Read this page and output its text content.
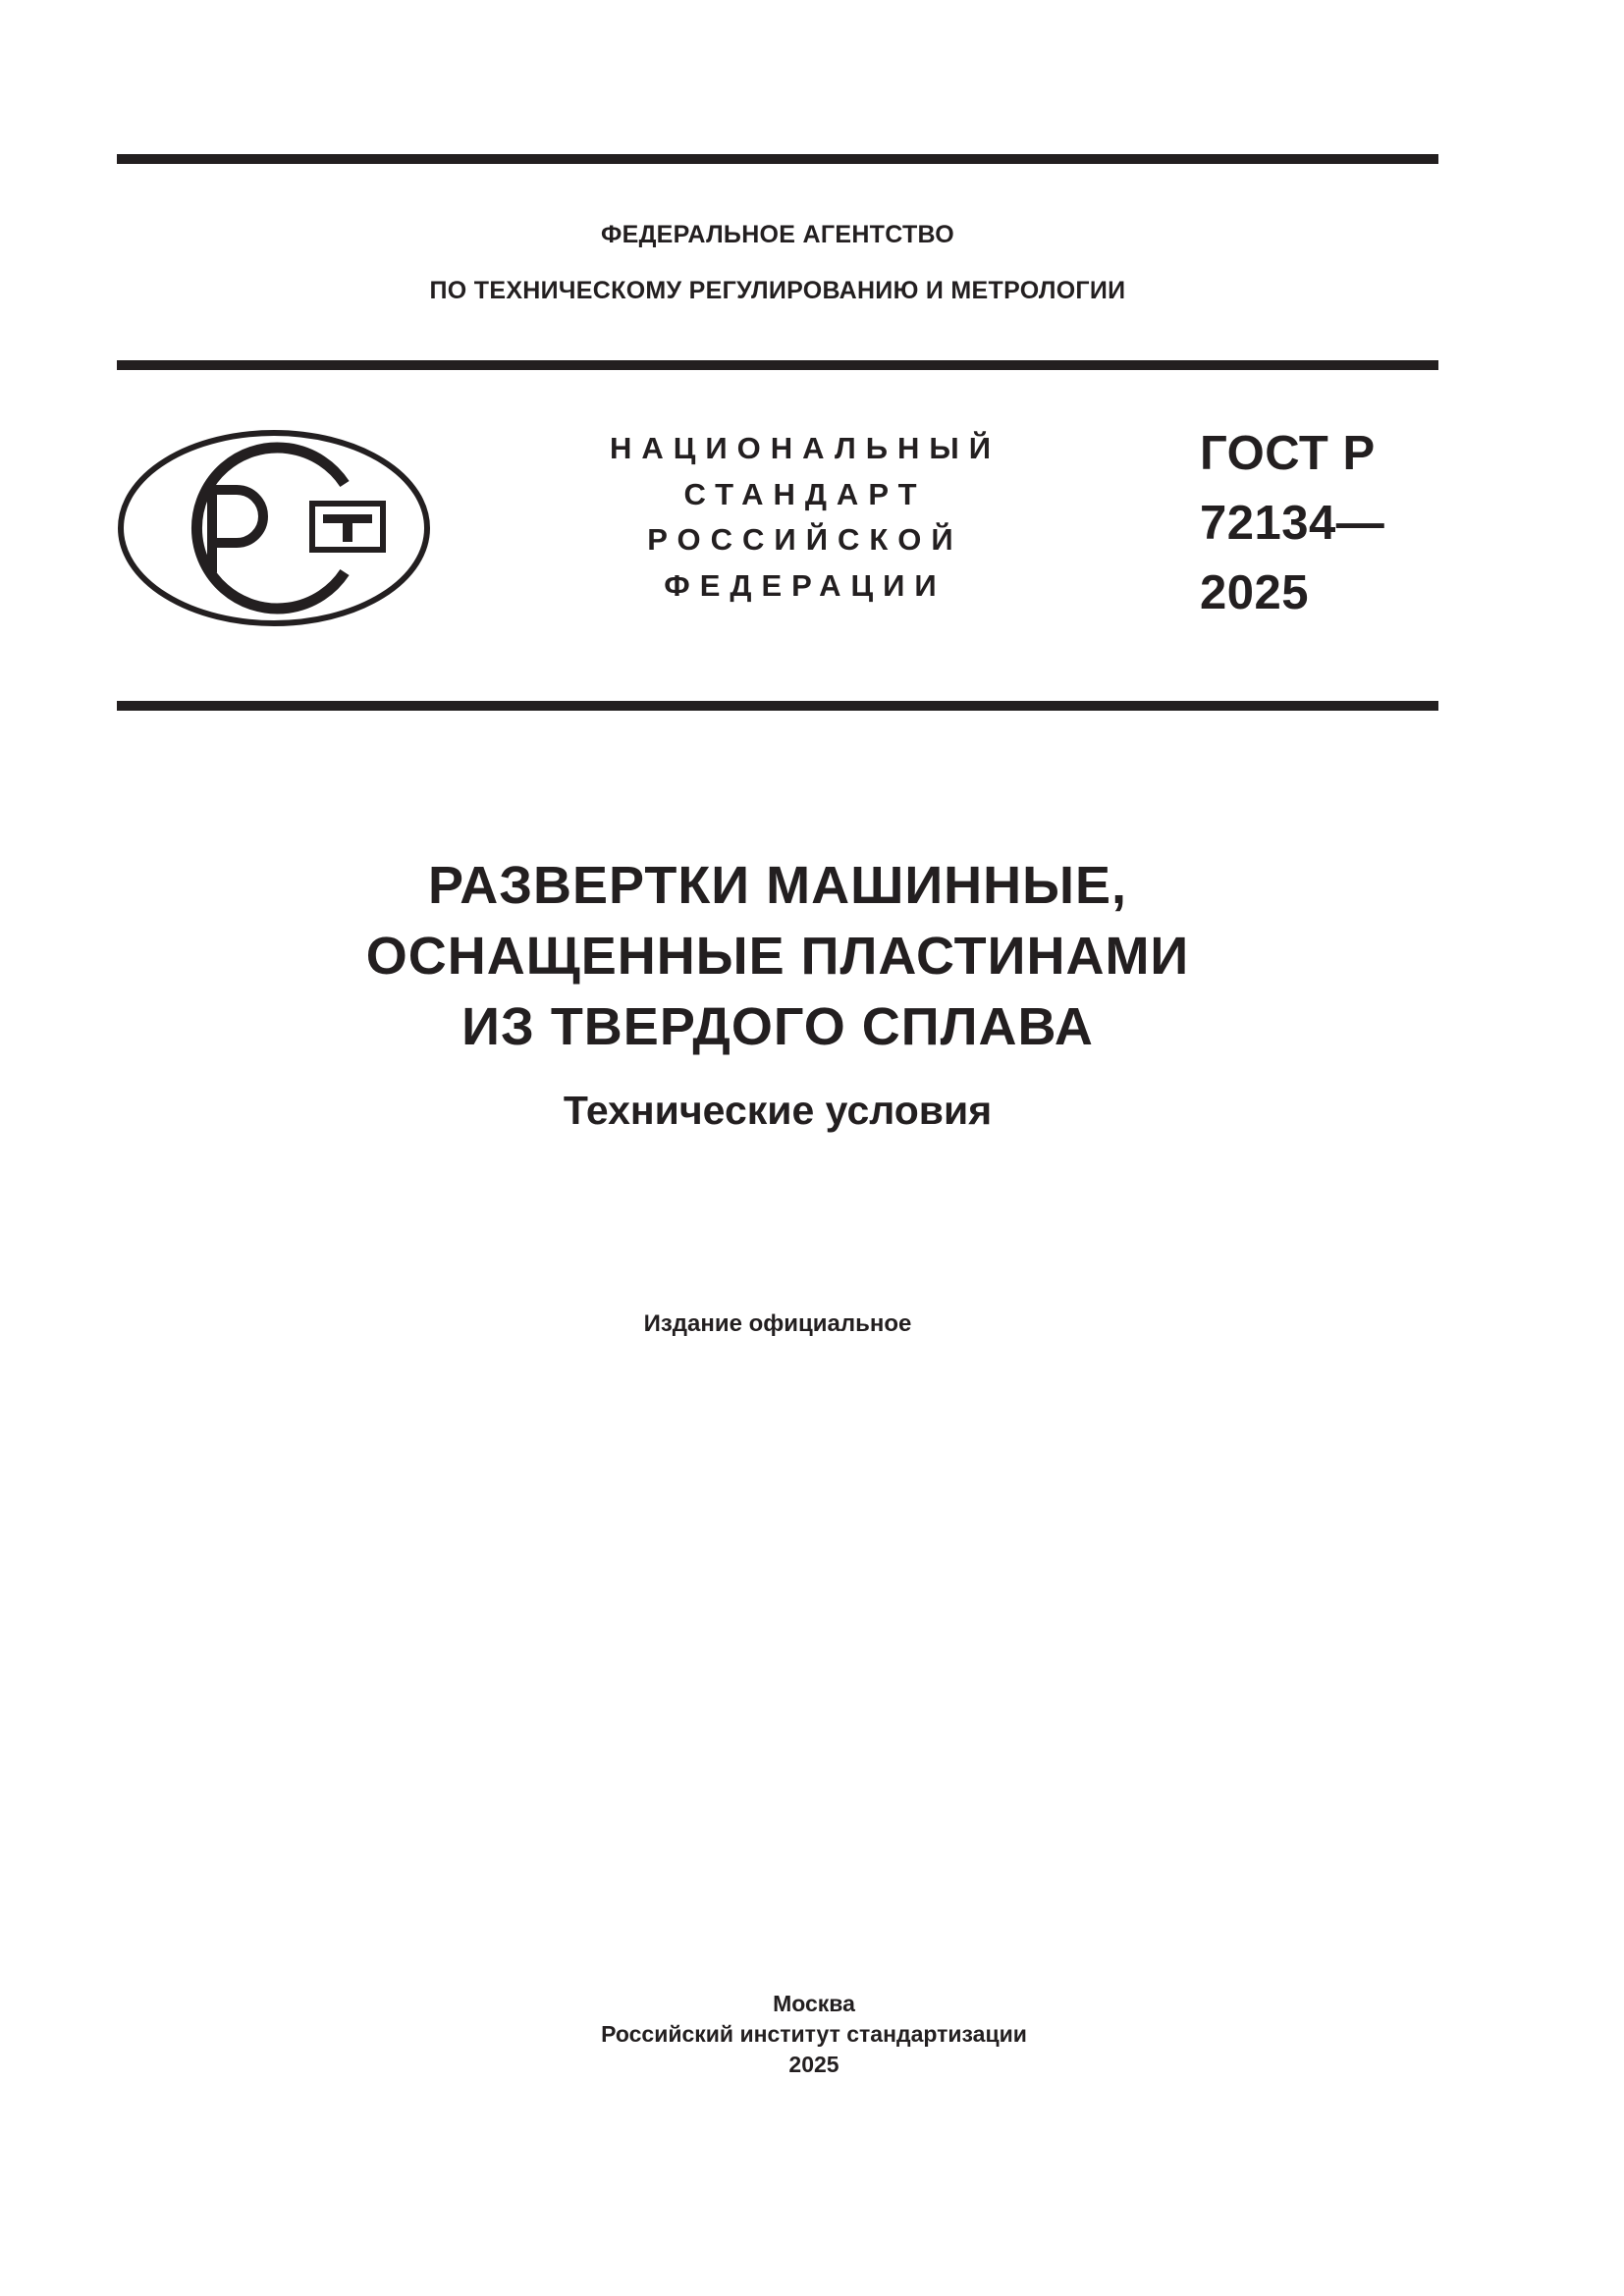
ФЕДЕРАЛЬНОЕ АГЕНТСТВО
ПО ТЕХНИЧЕСКОМУ РЕГУЛИРОВАНИЮ И МЕТРОЛОГИИ
НАЦИОНАЛЬНЫЙ
СТАНДАРТ
РОССИЙСКОЙ
ФЕДЕРАЦИИ
ГОСТ Р
72134—
2025
РАЗВЕРТКИ МАШИННЫЕ,
ОСНАЩЕННЫЕ ПЛАСТИНАМИ
ИЗ ТВЕРДОГО СПЛАВА
Технические условия
Издание официальное
Москва
Российский институт стандартизации
2025
